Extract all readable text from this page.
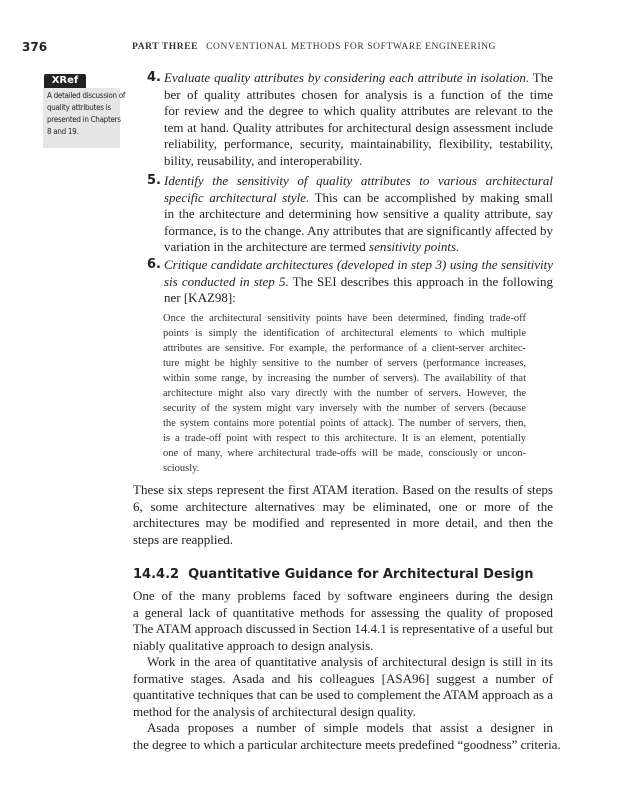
376	PART THREE CONVENTIONAL METHODS FOR SOFTWARE ENGINEERING
XRef
A detailed discussion of
quality attributes is
presented in Chapters
8 and 19.
14.4.2 Quantitative Guidance for Architectural Design
4. Evaluate quality attributes by considering each attribute in isolation. The
ber of quality attributes chosen for analysis is a function of the time
for review and the degree to which quality attributes are relevant to the
tem at hand. Quality attributes for architectural design assessment include
reliability, performance, security, maintainability, flexibility, testability,
bility, reusability, and interoperability.
5. Identify the sensitivity of quality attributes to various architectural
specific architectural style. This can be accomplished by making small
in the architecture and determining how sensitive a quality attribute, say
formance, is to the change. Any attributes that are significantly affected by
variation in the architecture are termed sensitivity points.
6. Critique candidate architectures (developed in step 3) using the sensitivity
sis conducted in step 5. The SEI describes this approach in the following
ner [KAZ98]:
Once the architectural sensitivity points have been determined, finding trade-off
points is simply the identification of architectural elements to which multiple
attributes are sensitive. For example, the performance of a client-server architec-
ture might be highly sensitive to the number of servers (performance increases,
within some range, by increasing the number of servers). The availability of that
architecture might also vary directly with the number of servers. However, the
security of the system might vary inversely with the number of servers (because
the system contains more potential points of attack). The number of servers, then,
is a trade-off point with respect to this architecture. It is an element, potentially
one of many, where architectural trade-offs will be made, consciously or uncon-
sciously.
These six steps represent the first ATAM iteration. Based on the results of steps
6, some architecture alternatives may be eliminated, one or more of the
architectures may be modified and represented in more detail, and then the
steps are reapplied.
One of the many problems faced by software engineers during the design
a general lack of quantitative methods for assessing the quality of proposed
The ATAM approach discussed in Section 14.4.1 is representative of a useful but
niably qualitative approach to design analysis.
Work in the area of quantitative analysis of architectural design is still in its
formative stages. Asada and his colleagues [ASA96] suggest a number of
quantitative techniques that can be used to complement the ATAM approach as a
method for the analysis of architectural design quality.
Asada proposes a number of simple models that assist a designer in
the degree to which a particular architecture meets predefined “goodness” criteria.
